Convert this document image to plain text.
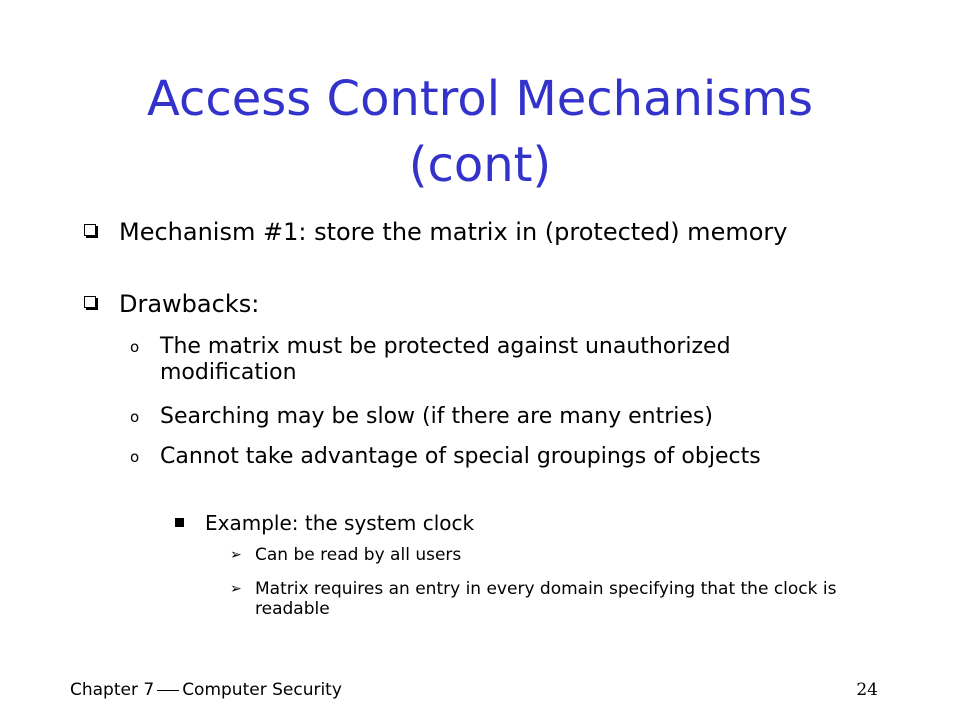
Access Control Mechanisms
(cont)
Mechanism #1: store the matrix in (protected) memory
Drawbacks:
o The matrix must be protected against unauthorized modification
o Searching may be slow (if there are many entries)
o Cannot take advantage of special groupings of objects
Example: the system clock
➢ Can be read by all users
➢ Matrix requires an entry in every domain specifying that the clock is readable
Chapter 7 Computer Security	24
